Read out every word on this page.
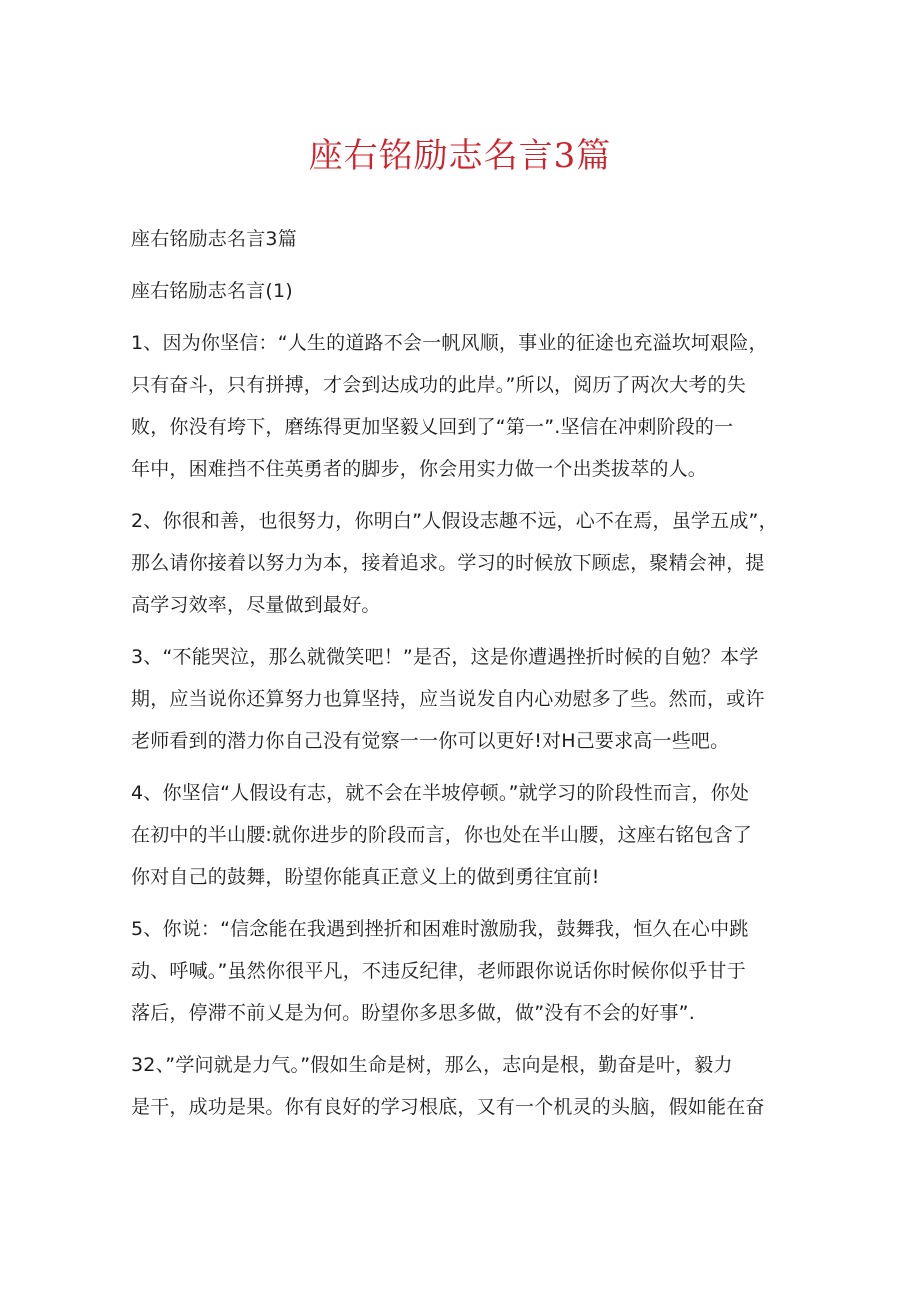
座右铭励志名言3篇
座右铭励志名言3篇
座右铭励志名言(1)
1、因为你坚信：“人生的道路不会一帆风顺，事业的征途也充溢坎坷艰险，
只有奋斗，只有拼搏，才会到达成功的此岸。”所以，阅历了两次大考的失
败，你没有垮下，磨练得更加坚毅乂回到了“第一”.坚信在冲刺阶段的一
年中，困难挡不住英勇者的脚步，你会用实力做一个出类拔萃的人。
2、你很和善，也很努力，你明白”人假设志趣不远，心不在焉，虽学五成”，
那么请你接着以努力为本，接着追求。学习的时候放下顾虑，聚精会神，提
高学习效率，尽量做到最好。
3、“不能哭泣，那么就微笑吧！”是否，这是你遭遇挫折时候的自勉？本学
期，应当说你还算努力也算坚持，应当说发自内心劝慰多了些。然而，或许
老师看到的潜力你自己没有觉察一一你可以更好!对H己要求高一些吧。
4、你坚信“人假设有志，就不会在半坡停顿。”就学习的阶段性而言，你处
在初中的半山腰:就你进步的阶段而言，你也处在半山腰，这座右铭包含了
你对自己的鼓舞，盼望你能真正意义上的做到勇往宜前!
5、你说：“信念能在我遇到挫折和困难时激励我，鼓舞我，恒久在心中跳
动、呼喊。”虽然你很平凡，不违反纪律，老师跟你说话你时候你似乎甘于
落后，停滞不前乂是为何。盼望你多思多做，做”没有不会的好事”.
32、”学问就是力气。”假如生命是树，那么，志向是根，勤奋是叶，毅力
是干，成功是果。你有良好的学习根底，又有一个机灵的头脑，假如能在奋
